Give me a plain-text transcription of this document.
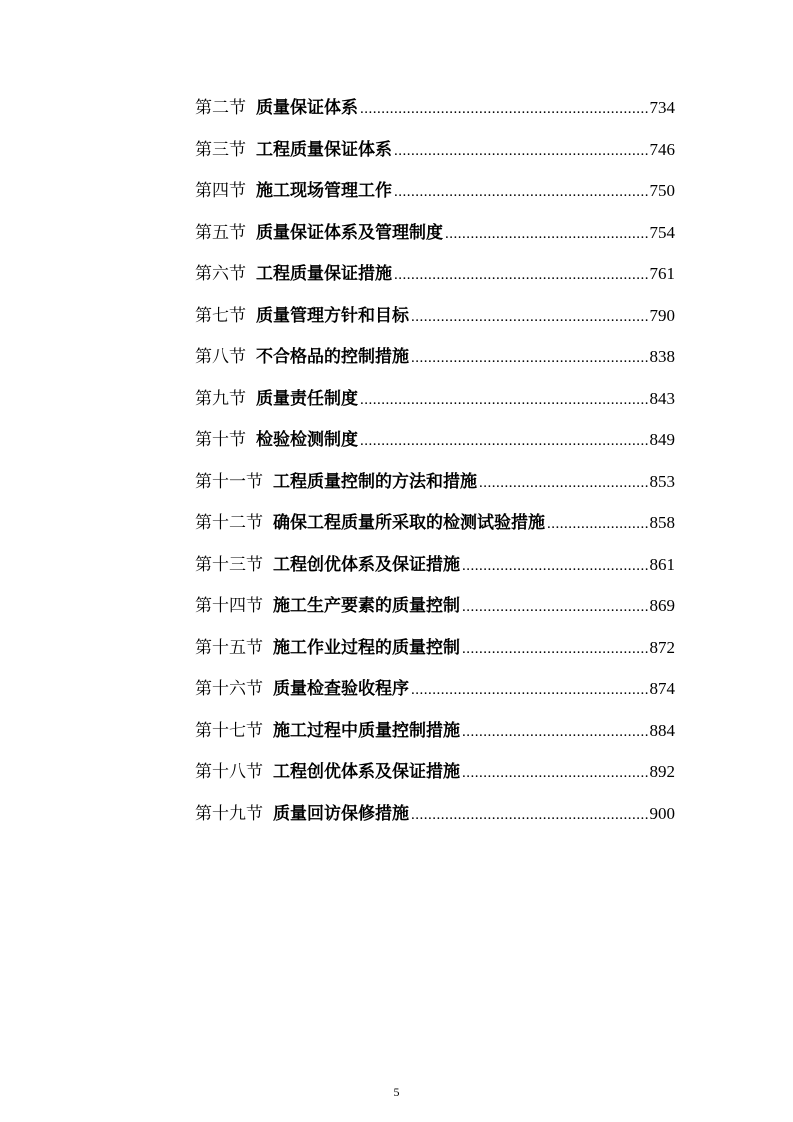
第二节 质量保证体系 .....	734
第三节 工程质量保证体系 .....	746
第四节 施工现场管理工作 .....	750
第五节 质量保证体系及管理制度 .....	754
第六节 工程质量保证措施 .....	761
第七节 质量管理方针和目标 .....	790
第八节 不合格品的控制措施 .....	838
第九节 质量责任制度 .....	843
第十节 检验检测制度 .....	849
第十一节 工程质量控制的方法和措施 .....	853
第十二节 确保工程质量所采取的检测试验措施 .....	858
第十三节 工程创优体系及保证措施 .....	861
第十四节 施工生产要素的质量控制 .....	869
第十五节 施工作业过程的质量控制 .....	872
第十六节 质量检查验收程序 .....	874
第十七节 施工过程中质量控制措施 .....	884
第十八节 工程创优体系及保证措施 .....	892
第十九节 质量回访保修措施 .....	900
5
